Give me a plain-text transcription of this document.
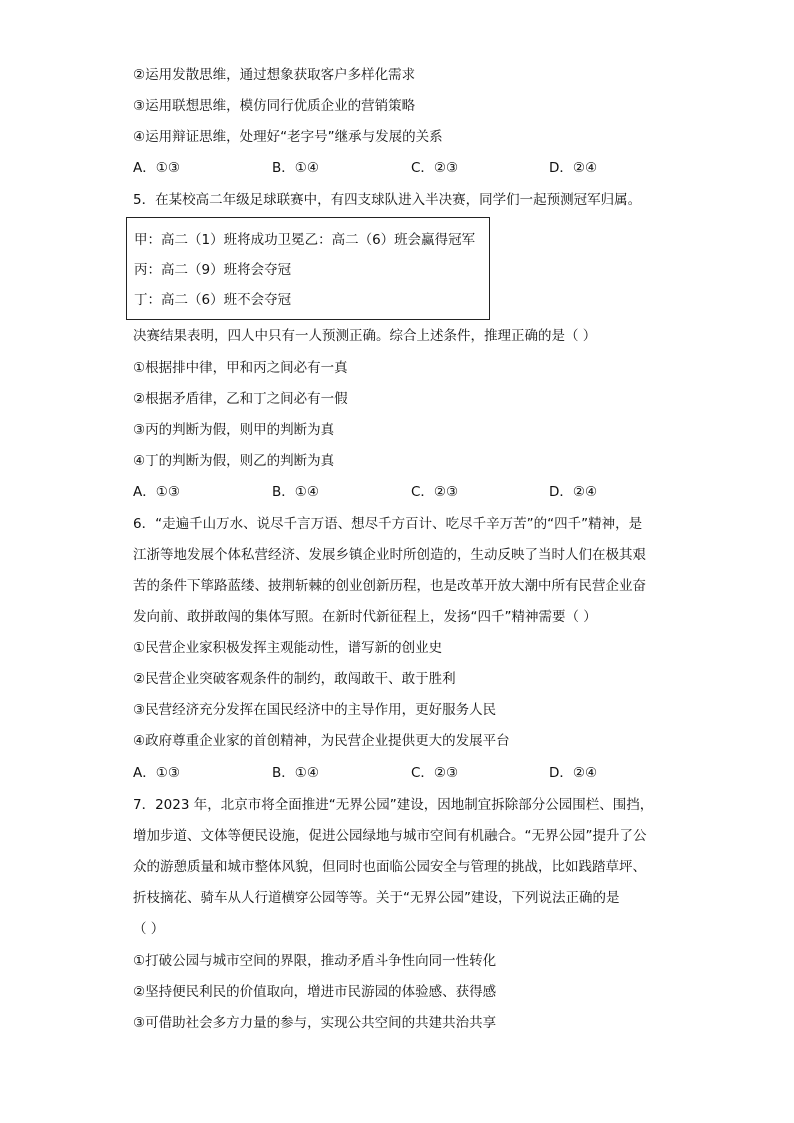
②运用发散思维，通过想象获取客户多样化需求
③运用联想思维，模仿同行优质企业的营销策略
④运用辩证思维，处理好“老字号”继承与发展的关系
A．①③	B．①④	C．②③	D．②④
5．在某校高二年级足球联赛中，有四支球队进入半决赛，同学们一起预测冠军归属。
甲：高二（1）班将成功卫冕乙：高二（6）班会赢得冠军
丙：高二（9）班将会夺冠
丁：高二（6）班不会夺冠
决赛结果表明，四人中只有一人预测正确。综合上述条件，推理正确的是（ ）
①根据排中律，甲和丙之间必有一真
②根据矛盾律，乙和丁之间必有一假
③丙的判断为假，则甲的判断为真
④丁的判断为假，则乙的判断为真
A．①③	B．①④	C．②③	D．②④
6．“走遍千山万水、说尽千言万语、想尽千方百计、吃尽千辛万苦”的“四千”精神，是
江浙等地发展个体私营经济、发展乡镇企业时所创造的，生动反映了当时人们在极其艰
苦的条件下筚路蓝缕、披荆斩棘的创业创新历程，也是改革开放大潮中所有民营企业奋
发向前、敢拼敢闯的集体写照。在新时代新征程上，发扬“四千”精神需要（ ）
①民营企业家积极发挥主观能动性，谱写新的创业史
②民营企业突破客观条件的制约，敢闯敢干、敢于胜利
③民营经济充分发挥在国民经济中的主导作用，更好服务人民
④政府尊重企业家的首创精神，为民营企业提供更大的发展平台
A．①③	B．①④	C．②③	D．②④
7．2023 年，北京市将全面推进“无界公园”建设，因地制宜拆除部分公园围栏、围挡，
增加步道、文体等便民设施，促进公园绿地与城市空间有机融合。“无界公园”提升了公
众的游憩质量和城市整体风貌，但同时也面临公园安全与管理的挑战，比如践踏草坪、
折枝摘花、骑车从人行道横穿公园等等。关于“无界公园”建设，下列说法正确的是
（ ）
①打破公园与城市空间的界限，推动矛盾斗争性向同一性转化
②坚持便民利民的价值取向，增进市民游园的体验感、获得感
③可借助社会多方力量的参与，实现公共空间的共建共治共享
